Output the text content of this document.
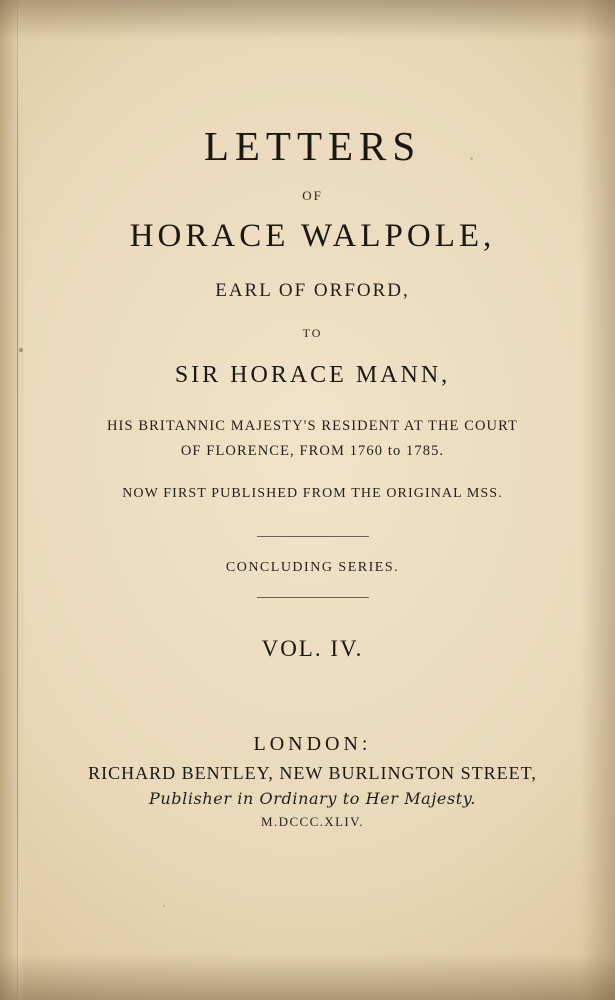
LETTERS
OF
HORACE WALPOLE,
EARL OF ORFORD,
TO
SIR HORACE MANN,
HIS BRITANNIC MAJESTY'S RESIDENT AT THE COURT
OF FLORENCE, FROM 1760 to 1785.
NOW FIRST PUBLISHED FROM THE ORIGINAL MSS.
CONCLUDING SERIES.
VOL. IV.
LONDON:
RICHARD BENTLEY, NEW BURLINGTON STREET,
Publisher in Ordinary to Her Majesty.
M.DCCC.XLIV.
